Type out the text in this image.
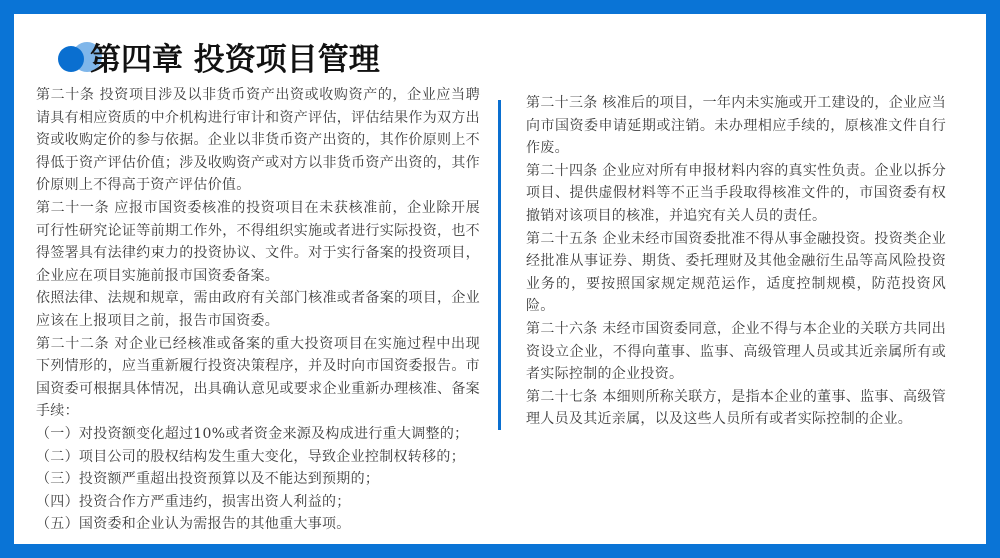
第四章 投资项目管理

第二十条 投资项目涉及以非货币资产出资或收购资产的，企业应当聘请具有相应资质的中介机构进行审计和资产评估，评估结果作为双方出资或收购定价的参与依据。企业以非货币资产出资的，其作价原则上不得低于资产评估价值；涉及收购资产或对方以非货币资产出资的，其作价原则上不得高于资产评估价值。

第二十一条 应报市国资委核准的投资项目在未获核准前，企业除开展可行性研究论证等前期工作外，不得组织实施或者进行实际投资，也不得签署具有法律约束力的投资协议、文件。对于实行备案的投资项目，企业应在项目实施前报市国资委备案。

依照法律、法规和规章，需由政府有关部门核准或者备案的项目，企业应该在上报项目之前，报告市国资委。

第二十二条 对企业已经核准或备案的重大投资项目在实施过程中出现下列情形的，应当重新履行投资决策程序，并及时向市国资委报告。市国资委可根据具体情况，出具确认意见或要求企业重新办理核准、备案手续：

（一）对投资额变化超过10%或者资金来源及构成进行重大调整的；

（二）项目公司的股权结构发生重大变化，导致企业控制权转移的；

（三）投资额严重超出投资预算以及不能达到预期的；

（四）投资合作方严重违约，损害出资人利益的；

（五）国资委和企业认为需报告的其他重大事项。

第二十三条 核准后的项目，一年内未实施或开工建设的，企业应当向市国资委申请延期或注销。未办理相应手续的，原核准文件自行作废。

第二十四条 企业应对所有申报材料内容的真实性负责。企业以拆分项目、提供虚假材料等不正当手段取得核准文件的，市国资委有权撤销对该项目的核准，并追究有关人员的责任。

第二十五条 企业未经市国资委批准不得从事金融投资。投资类企业经批准从事证券、期货、委托理财及其他金融衍生品等高风险投资业务的，要按照国家规定规范运作，适度控制规模，防范投资风险。

第二十六条 未经市国资委同意，企业不得与本企业的关联方共同出资设立企业，不得向董事、监事、高级管理人员或其近亲属所有或者实际控制的企业投资。

第二十七条 本细则所称关联方，是指本企业的董事、监事、高级管理人员及其近亲属，以及这些人员所有或者实际控制的企业。
